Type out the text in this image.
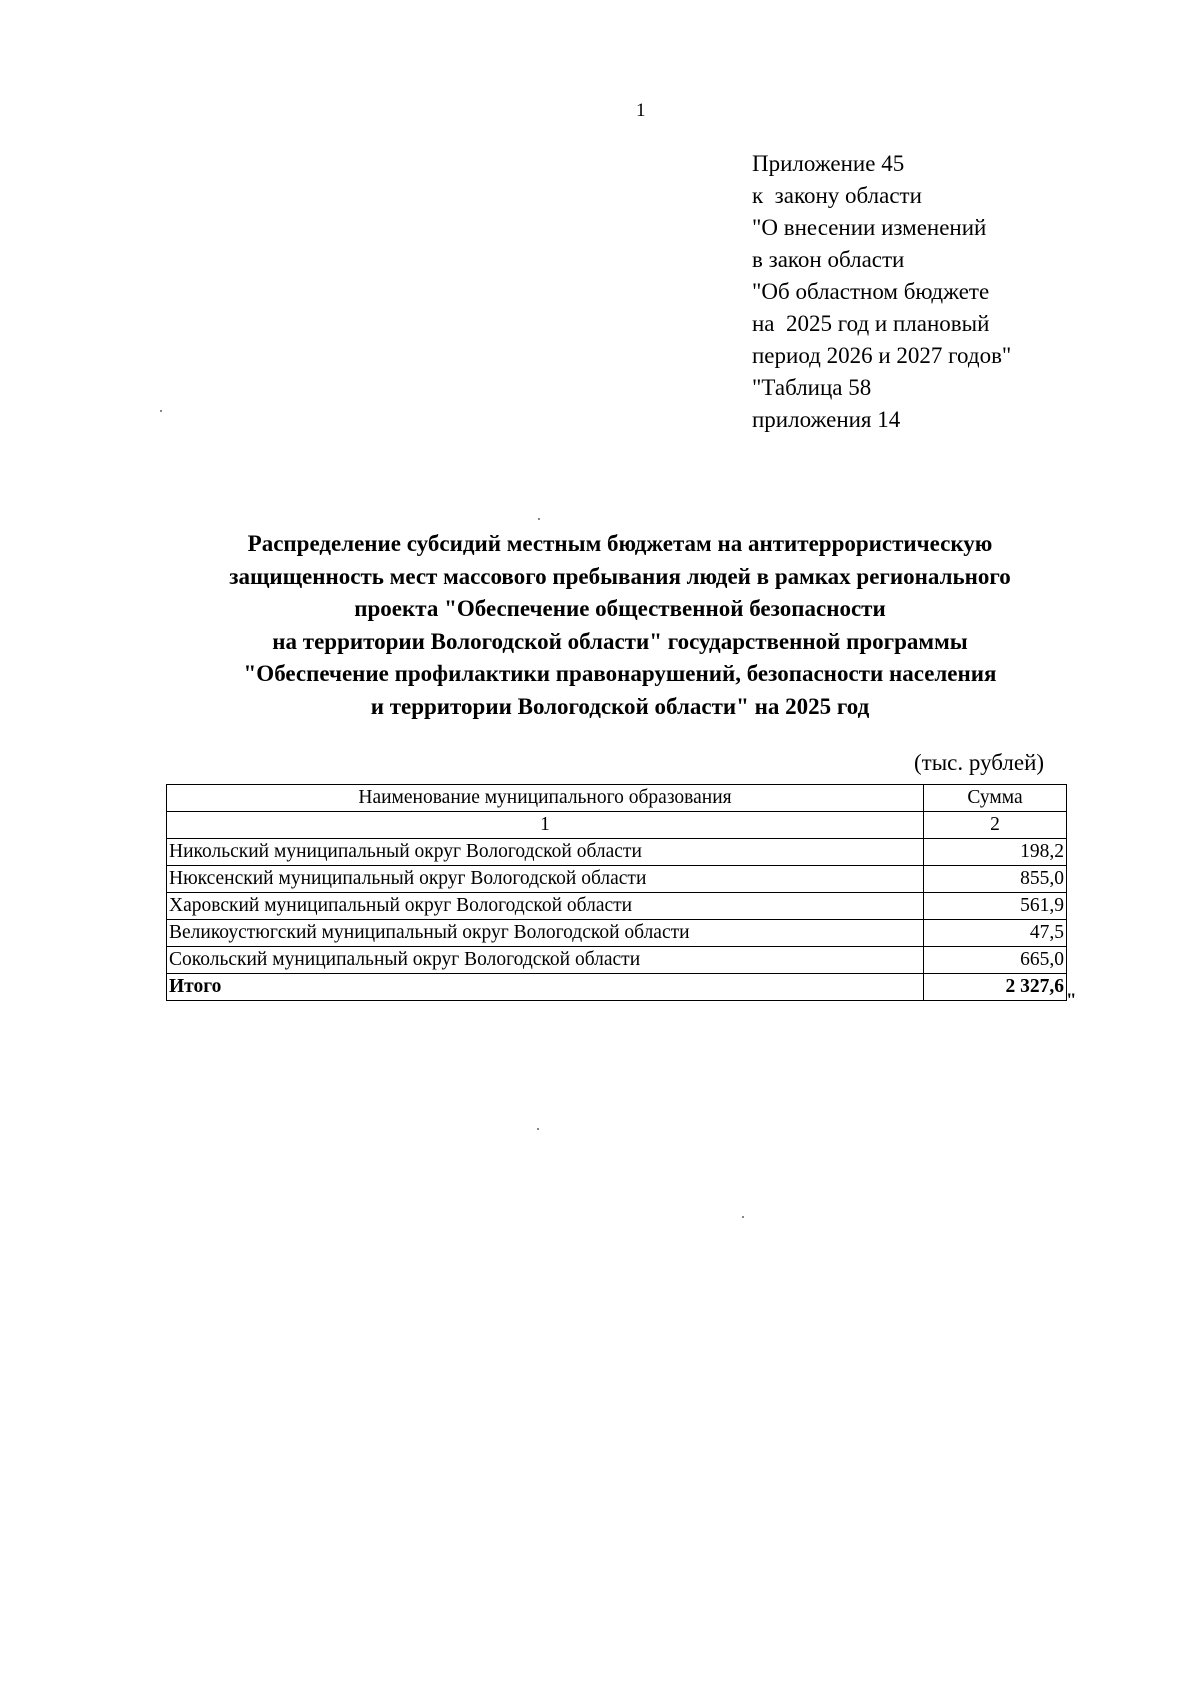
1
Приложение 45
к  закону области
"О внесении изменений
в закон области
"Об областном бюджете
на  2025 год и плановый
период 2026 и 2027 годов"
"Таблица 58
приложения 14
Распределение субсидий местным бюджетам на антитеррористическую
защищенность мест массового пребывания людей в рамках регионального
проекта "Обеспечение общественной безопасности
на территории Вологодской области" государственной программы
"Обеспечение профилактики правонарушений, безопасности населения
и территории Вологодской области" на 2025 год
(тыс. рублей)
Наименование муниципального образования	Сумма
1	2
Никольский муниципальный округ Вологодской области	198,2
Нюксенский муниципальный округ Вологодской области	855,0
Харовский муниципальный округ Вологодской области	561,9
Великоустюгский муниципальный округ Вологодской области	47,5
Сокольский муниципальный округ Вологодской области	665,0
Итого	2 327,6
"
